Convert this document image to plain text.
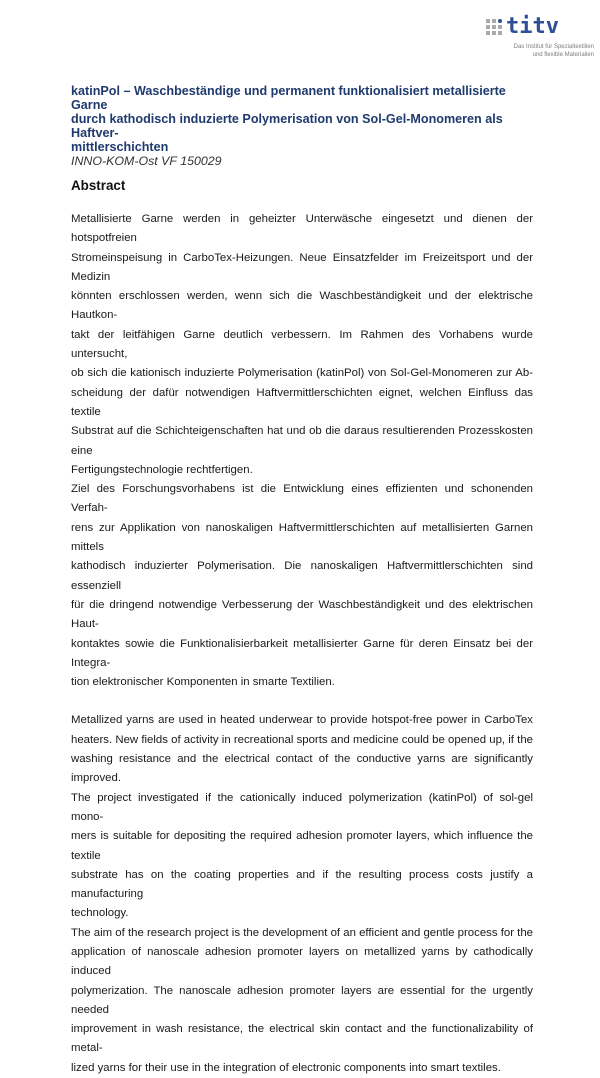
titv
Das Institut für Spezialtextilien
und flexible Materialien
katinPol – Waschbeständige und permanent funktionalisiert metallisierte Garne
durch kathodisch induzierte Polymerisation von Sol-Gel-Monomeren als Haftver-
mittlerschichten

INNO-KOM-Ost VF 150029

Abstract
Metallisierte Garne werden in geheizter Unterwäsche eingesetzt und dienen der hotspotfreien
Stromeinspeisung in CarboTex-Heizungen. Neue Einsatzfelder im Freizeitsport und der Medizin
könnten erschlossen werden, wenn sich die Waschbeständigkeit und der elektrische Hautkon-
takt der leitfähigen Garne deutlich verbessern. Im Rahmen des Vorhabens wurde untersucht,
ob sich die kationisch induzierte Polymerisation (katinPol) von Sol-Gel-Monomeren zur Ab-
scheidung der dafür notwendigen Haftvermittlerschichten eignet, welchen Einfluss das textile
Substrat auf die Schichteigenschaften hat und ob die daraus resultierenden Prozesskosten eine
Fertigungstechnologie rechtfertigen.
Ziel des Forschungsvorhabens ist die Entwicklung eines effizienten und schonenden Verfah-
rens zur Applikation von nanoskaligen Haftvermittlerschichten auf metallisierten Garnen mittels
kathodisch induzierter Polymerisation. Die nanoskaligen Haftvermittlerschichten sind essenziell
für die dringend notwendige Verbesserung der Waschbeständigkeit und des elektrischen Haut-
kontaktes sowie die Funktionalisierbarkeit metallisierter Garne für deren Einsatz bei der Integra-
tion elektronischer Komponenten in smarte Textilien.
Metallized yarns are used in heated underwear to provide hotspot-free power in CarboTex
heaters. New fields of activity in recreational sports and medicine could be opened up, if the
washing resistance and the electrical contact of the conductive yarns are significantly improved.
The project investigated if the cationically induced polymerization (katinPol) of sol-gel mono-
mers is suitable for depositing the required adhesion promoter layers, which influence the textile
substrate has on the coating properties and if the resulting process costs justify a manufacturing
technology.
The aim of the research project is the development of an efficient and gentle process for the
application of nanoscale adhesion promoter layers on metallized yarns by cathodically induced
polymerization. The nanoscale adhesion promoter layers are essential for the urgently needed
improvement in wash resistance, the electrical skin contact and the functionalizability of metal-
lized yarns for their use in the integration of electronic components into smart textiles.
